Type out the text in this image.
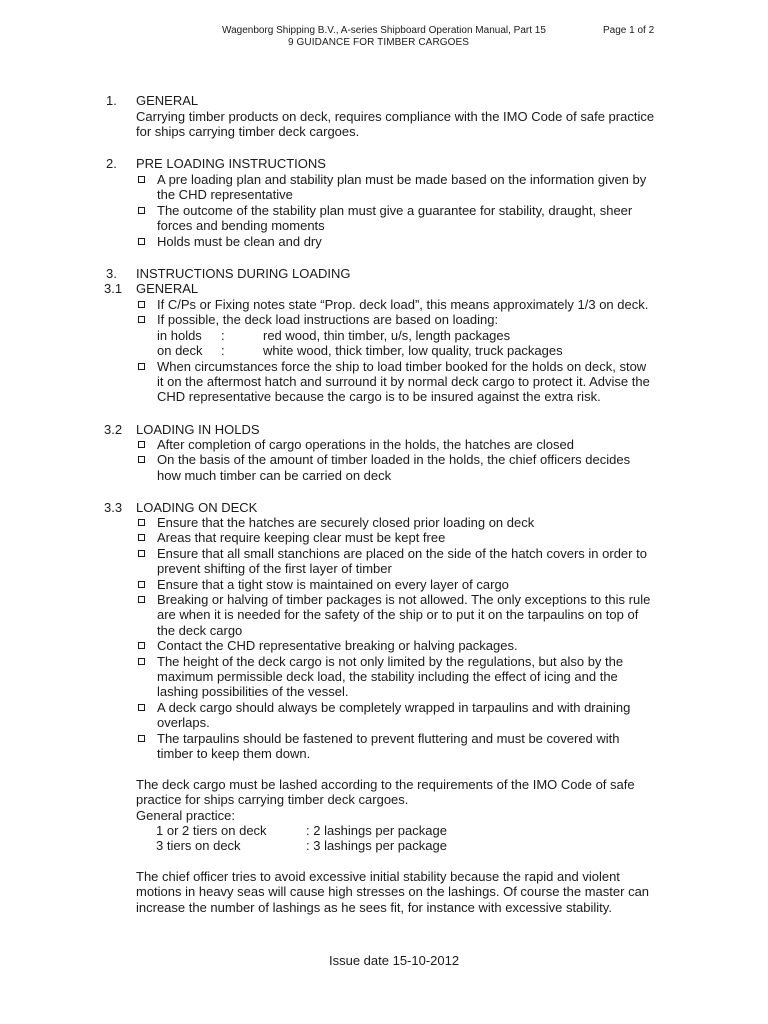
Wagenborg Shipping B.V., A-series Shipboard Operation Manual, Part 15	Page 1 of 2
9 GUIDANCE FOR TIMBER CARGOES
1. GENERAL
Carrying timber products on deck, requires compliance with the IMO Code of safe practice for ships carrying timber deck cargoes.
2. PRE LOADING INSTRUCTIONS
A pre loading plan and stability plan must be made based on the information given by the CHD representative
The outcome of the stability plan must give a guarantee for stability, draught, sheer forces and bending moments
Holds must be clean and dry
3. INSTRUCTIONS DURING LOADING
3.1 GENERAL
If C/Ps or Fixing notes state “Prop. deck load”, this means approximately 1/3 on deck.
If possible, the deck load instructions are based on loading:
in holds :	red wood, thin timber, u/s, length packages
on deck :	white wood, thick timber, low quality, truck packages
When circumstances force the ship to load timber booked for the holds on deck, stow it on the aftermost hatch and surround it by normal deck cargo to protect it. Advise the CHD representative because the cargo is to be insured against the extra risk.
3.2 LOADING IN HOLDS
After completion of cargo operations in the holds, the hatches are closed
On the basis of the amount of timber loaded in the holds, the chief officers decides how much timber can be carried on deck
3.3 LOADING ON DECK
Ensure that the hatches are securely closed prior loading on deck
Areas that require keeping clear must be kept free
Ensure that all small stanchions are placed on the side of the hatch covers in order to prevent shifting of the first layer of timber
Ensure that a tight stow is maintained on every layer of cargo
Breaking or halving of timber packages is not allowed. The only exceptions to this rule are when it is needed for the safety of the ship or to put it on the tarpaulins on top of the deck cargo
Contact the CHD representative breaking or halving packages.
The height of the deck cargo is not only limited by the regulations, but also by the maximum permissible deck load, the stability including the effect of icing and the lashing possibilities of the vessel.
A deck cargo should always be completely wrapped in tarpaulins and with draining overlaps.
The tarpaulins should be fastened to prevent fluttering and must be covered with timber to keep them down.
The deck cargo must be lashed according to the requirements of the IMO Code of safe practice for ships carrying timber deck cargoes.
General practice:
1 or 2 tiers on deck	: 2 lashings per package
3 tiers on deck	: 3 lashings per package
The chief officer tries to avoid excessive initial stability because the rapid and violent motions in heavy seas will cause high stresses on the lashings. Of course the master can increase the number of lashings as he sees fit, for instance with excessive stability.
Issue date 15-10-2012
